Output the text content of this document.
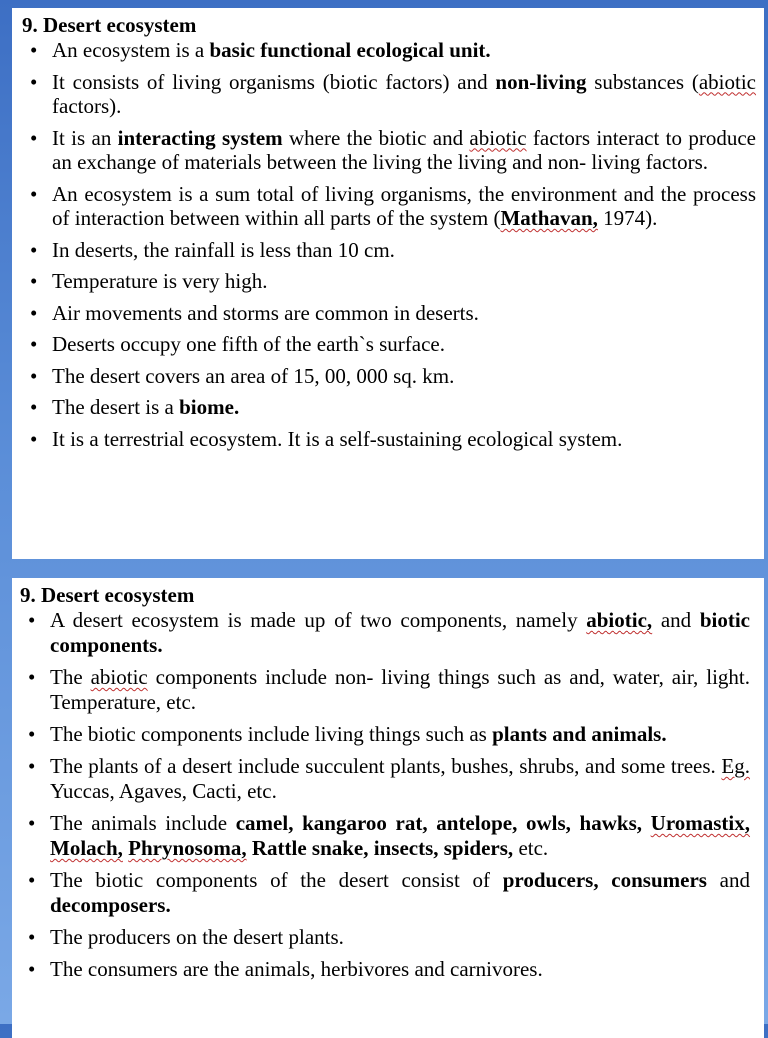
9. Desert ecosystem
• An ecosystem is a basic functional ecological unit.
• It consists of living organisms (biotic factors) and non-living substances (abiotic factors).
• It is an interacting system where the biotic and abiotic factors interact to produce an exchange of materials between the living the living and non- living factors.
• An ecosystem is a sum total of living organisms, the environment and the process of interaction between within all parts of the system (Mathavan, 1974).
• In deserts, the rainfall is less than 10 cm.
• Temperature is very high.
• Air movements and storms are common in deserts.
• Deserts occupy one fifth of the earth`s surface.
• The desert covers an area of 15, 00, 000 sq. km.
• The desert is a biome.
• It is a terrestrial ecosystem. It is a self-sustaining ecological system.
9. Desert ecosystem
• A desert ecosystem is made up of two components, namely abiotic, and biotic components.
• The abiotic components include non- living things such as and, water, air, light. Temperature, etc.
• The biotic components include living things such as plants and animals.
• The plants of a desert include succulent plants, bushes, shrubs, and some trees. Eg. Yuccas, Agaves, Cacti, etc.
• The animals include camel, kangaroo rat, antelope, owls, hawks, Uromastix, Molach, Phrynosoma, Rattle snake, insects, spiders, etc.
• The biotic components of the desert consist of producers, consumers and decomposers.
• The producers on the desert plants.
• The consumers are the animals, herbivores and carnivores.
